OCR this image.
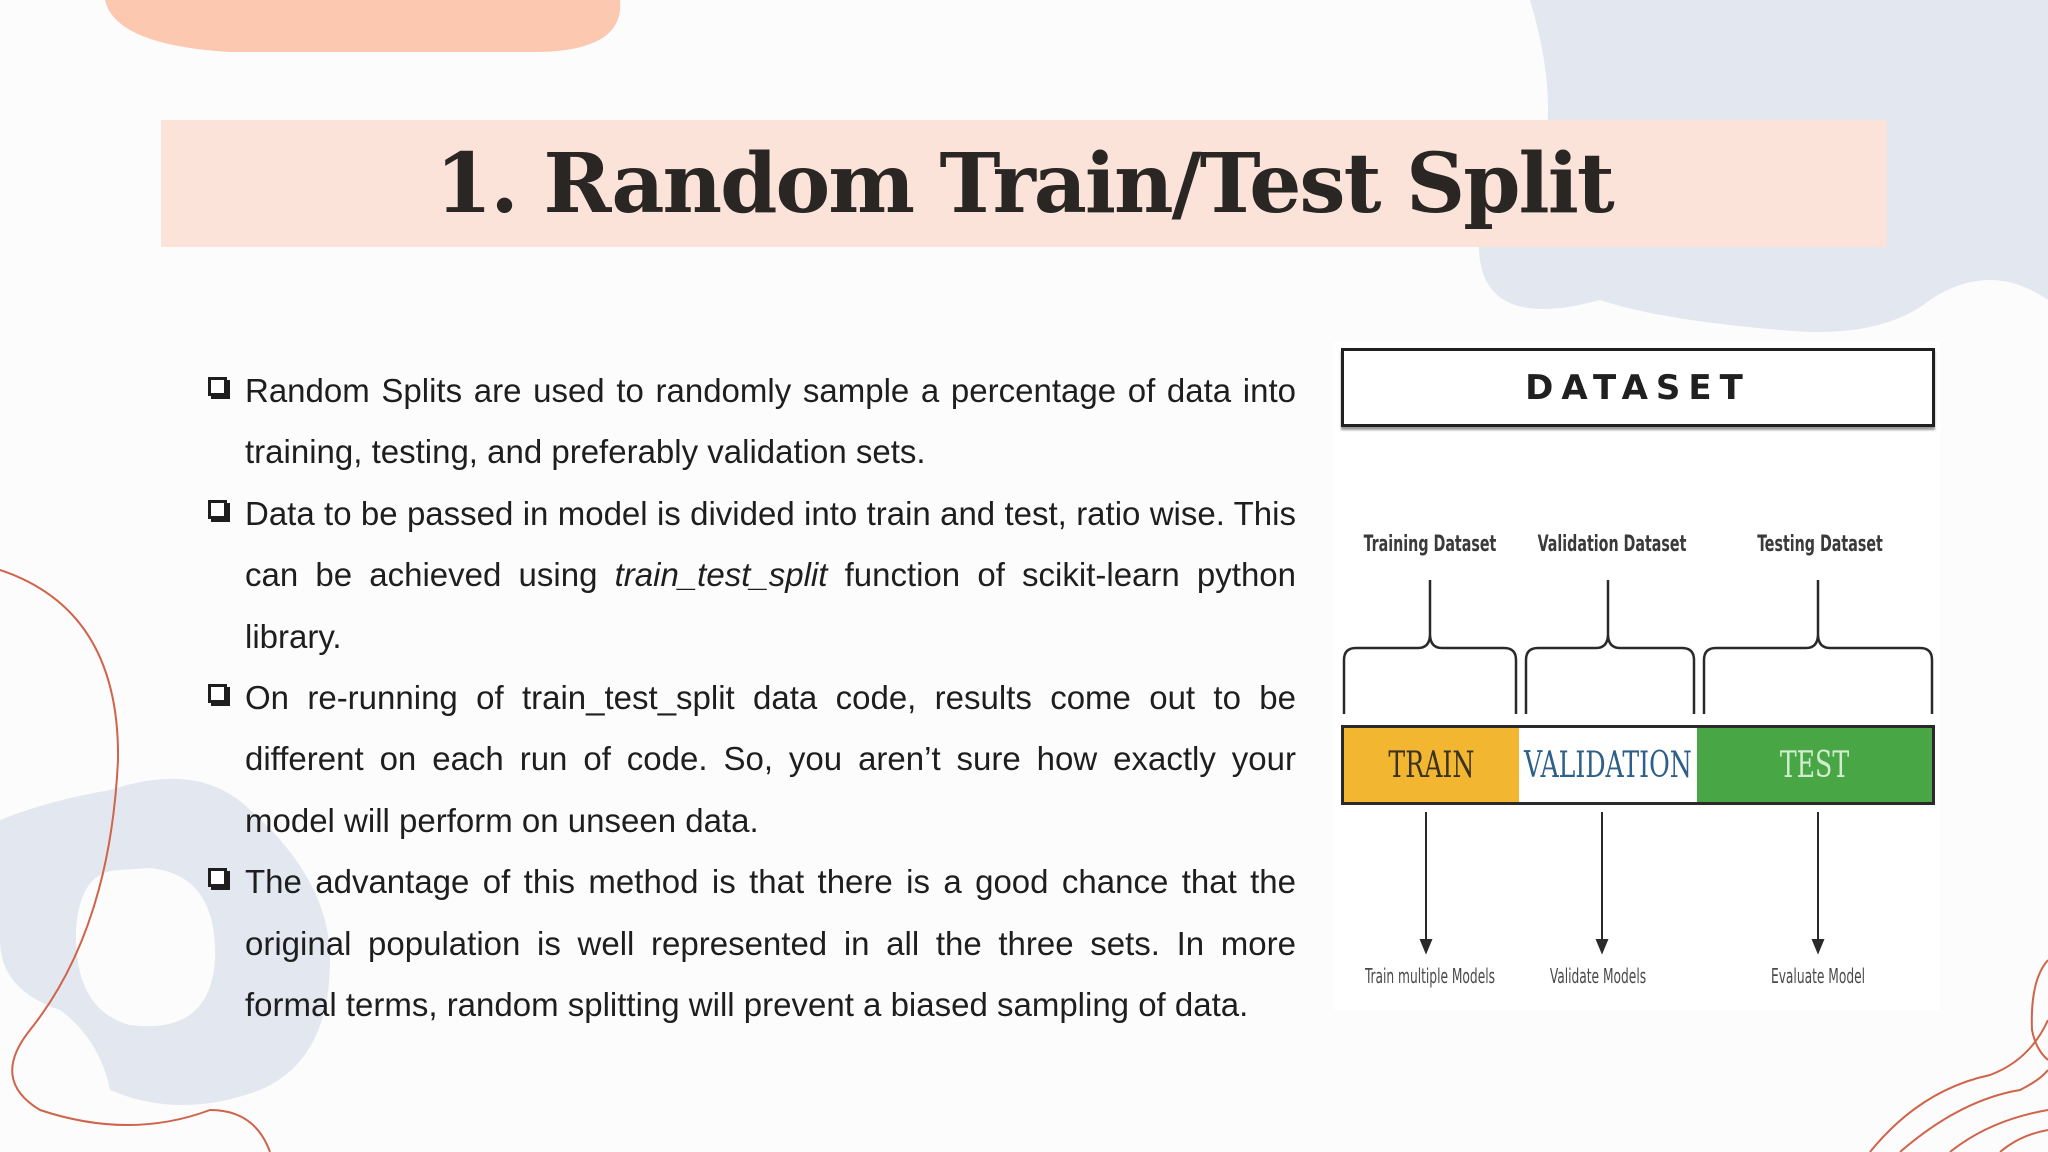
1. Random Train/Test Split
Random Splits are used to randomly sample a percentage of data into training, testing, and preferably validation sets.
Data to be passed in model is divided into train and test, ratio wise. This can be achieved using train_test_split function of scikit-learn python library.
On re-running of train_test_split data code, results come out to be different on each run of code. So, you aren’t sure how exactly your model will perform on unseen data.
The advantage of this method is that there is a good chance that the original population is well represented in all the three sets. In more formal terms, random splitting will prevent a biased sampling of data.
DATASET
Training Dataset	Validation Dataset	Testing Dataset
TRAIN VALIDATION TEST
Train multiple Models	Validate Models	Evaluate Model
